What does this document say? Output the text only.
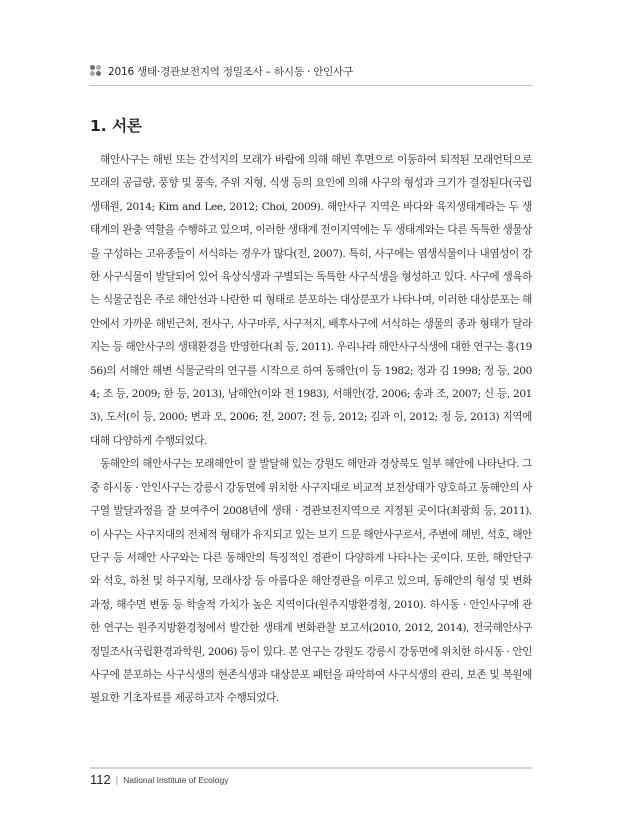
2016 생태·경관보전지역 정밀조사 – 하시동 · 안인사구
1. 서론

해안사구는 해빈 또는 간석지의 모래가 바람에 의해 해빈 후면으로 이동하여 퇴적된 모래언덕으로 모래의 공급량, 풍향 및 풍속, 주위 지형, 식생 등의 요인에 의해 사구의 형성과 크기가 결정된다(국립생태원, 2014; Kim and Lee, 2012; Choi, 2009). 해안사구 지역은 바다와 육지생태계라는 두 생태계의 완충 역할을 수행하고 있으며, 이러한 생태계 전이지역에는 두 생태계와는 다른 독특한 생물상을 구성하는 고유종들이 서식하는 경우가 많다(전, 2007). 특히, 사구에는 염생식물이나 내염성이 강한 사구식물이 발달되어 있어 육상식생과 구별되는 독특한 사구식생을 형성하고 있다. 사구에 생육하는 식물군집은 주로 해안선과 나란한 띠 형태로 분포하는 대상분포가 나타나며, 이러한 대상분포는 해안에서 가까운 해빈근처, 전사구, 사구마루, 사구저지, 배후사구에 서식하는 생물의 종과 형태가 달라지는 등 해안사구의 생태환경을 반영한다(최 등, 2011). 우리나라 해안사구식생에 대한 연구는 홍(1956)의 서해안 해변 식물군락의 연구를 시작으로 하여 동해안(이 등 1982; 정과 김 1998; 정 등, 2004; 조 등, 2009; 한 등, 2013), 남해안(이와 전 1983), 서해안(강, 2006; 송과 조, 2007; 신 등, 2013), 도서(이 등, 2000; 변과 오, 2006; 전, 2007; 전 등, 2012; 김과 이, 2012; 정 등, 2013) 지역에 대해 다양하게 수행되었다.

동해안의 해안사구는 모래해안이 잘 발달해 있는 강원도 해안과 경상북도 일부 해안에 나타난다. 그 중 하시동 · 안인사구는 강릉시 강동면에 위치한 사구지대로 비교적 보전상태가 양호하고 동해안의 사구열 발달과정을 잘 보여주어 2008년에 생태 · 경관보전지역으로 지정된 곳이다(최광희 등, 2011). 이 사구는 사구지대의 전체적 형태가 유지되고 있는 보기 드문 해안사구로서, 주변에 해빈, 석호, 해안단구 등 서해안 사구와는 다른 동해안의 특징적인 경관이 다양하게 나타나는 곳이다. 또한, 해안단구와 석호, 하천 및 하구지형, 모래사장 등 아름다운 해안경관을 이루고 있으며, 동해안의 형성 및 변화 과정, 해수면 변동 등 학술적 가치가 높은 지역이다(원주지방환경청, 2010). 하시동 · 안인사구에 관한 연구는 원주지방환경청에서 발간한 생태계 변화관찰 보고서(2010, 2012, 2014), 전국해안사구정밀조사(국립환경과학원, 2006) 등이 있다. 본 연구는 강원도 강릉시 강동면에 위치한 하시동 · 안인사구에 분포하는 사구식생의 현존식생과 대상분포 패턴을 파악하여 사구식생의 관리, 보존 및 복원에 필요한 기초자료를 제공하고자 수행되었다.

112 | National Institute of Ecology
